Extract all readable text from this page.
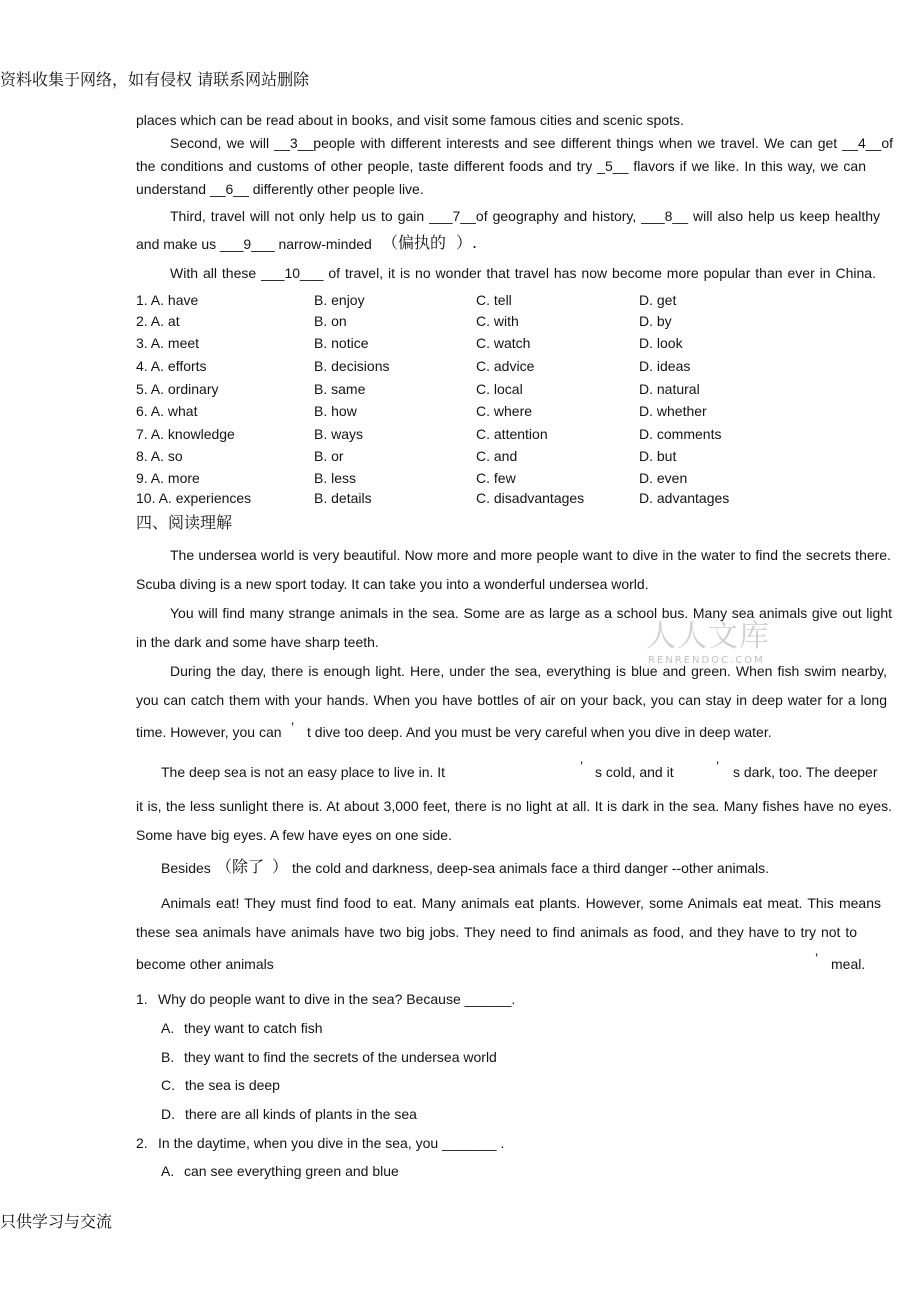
资料收集于网络，如有侵权 请联系网站删除
只供学习与交流
人人文库
RENRENDOC.COM
places which can be read about in books, and visit some famous cities and scenic spots.
Second, we will __3__people with different interests and see different things when we travel. We can get __4__of
the conditions and customs of other people, taste different foods and try _5__ flavors if we like. In this way, we can
understand __6__ differently other people live.
Third, travel will not only help us to gain ___7__of geography and history, ___8__ will also help us keep healthy
and make us ___9___ narrow-minded （ 偏执的 ）.
With all these ___10___ of travel, it is no wonder that travel has now become more popular than ever in China.
1. A. have	B. enjoy	C. tell	D. get
2. A. at	B. on	C. with	D. by
3. A. meet	B. notice	C. watch	D. look
4. A. efforts	B. decisions	C. advice	D. ideas
5. A. ordinary	B. same	C. local	D. natural
6. A. what	B. how	C. where	D. whether
7. A. knowledge	B. ways	C. attention	D. comments
8. A. so	B. or	C. and	D. but
9. A. more	B. less	C. few	D. even
10. A. experiences	B. details	C. disadvantages	D. advantages
四、阅读理解
The undersea world is very beautiful. Now more and more people want to dive in the water to find the secrets there.
Scuba diving is a new sport today. It can take you into a wonderful undersea world.
You will find many strange animals in the sea. Some are as large as a school bus. Many sea animals give out light
in the dark and some have sharp teeth.
During the day, there is enough light. Here, under the sea, everything is blue and green. When fish swim nearby,
you can catch them with your hands. When you have bottles of air on your back, you can stay in deep water for a long
time. However, you can ’ t dive too deep. And you must be very careful when you dive in deep water.
The deep sea is not an easy place to live in. It	’ s cold, and it	’ s dark, too. The deeper
it is, the less sunlight there is. At about 3,000 feet, there is no light at all. It is dark in the sea. Many fishes have no eyes.
Some have big eyes. A few have eyes on one side.
Besides （ 除了 ） the cold and darkness, deep-sea animals face a third danger --other animals.
Animals eat! They must find food to eat. Many animals eat plants. However, some Animals eat meat. This means
these sea animals have animals have two big jobs. They need to find animals as food, and they have to try not to
become other animals	’ meal.
1. Why do people want to dive in the sea? Because ______.
A. they want to catch fish
B. they want to find the secrets of the undersea world
C. the sea is deep
D. there are all kinds of plants in the sea
2. In the daytime, when you dive in the sea, you _______ .
A. can see everything green and blue
